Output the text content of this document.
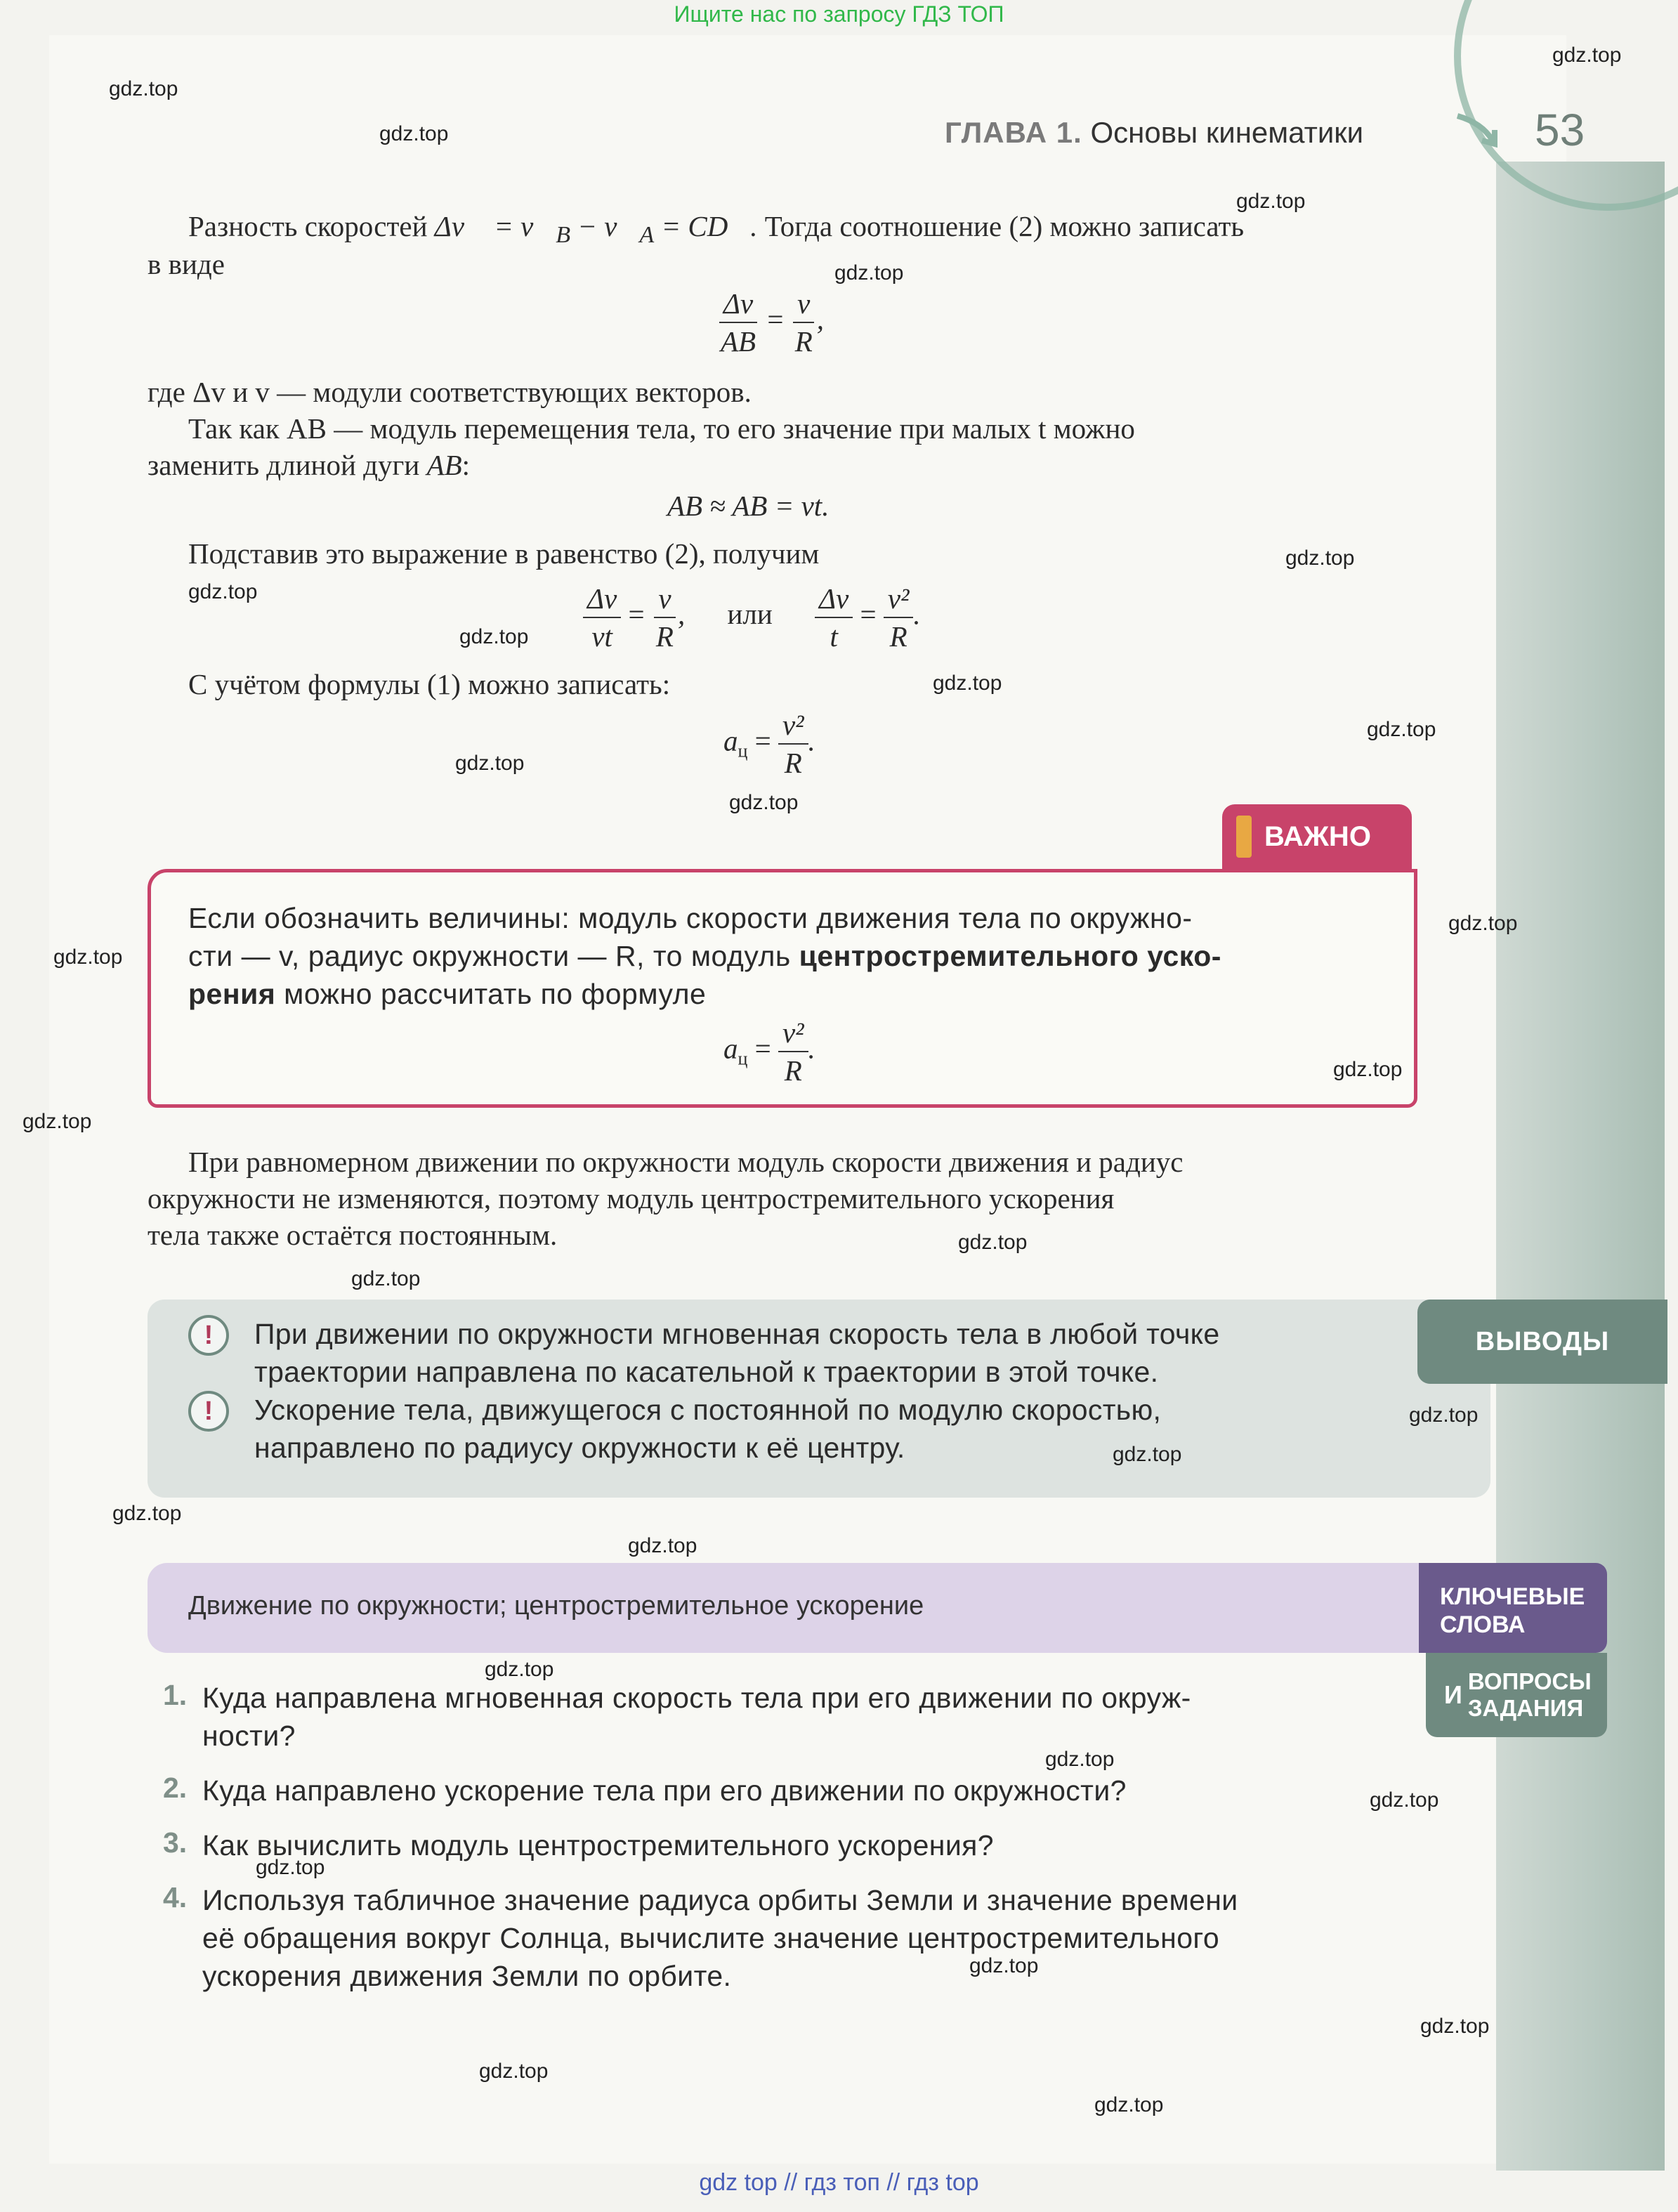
Ищите нас по запросу ГДЗ ТОП
ГЛАВА 1. Основы кинематики	53
Разность скоростей Δv⃗ = $v⃗_B$ − $v⃗_A$ = CD⃗. Тогда соотношение (2) можно записать
в виде
$\frac{\Delta v}{AB} = \frac{v}{R}$ ,
где Δv и v — модули соответствующих векторов.
Так как AB — модуль перемещения тела, то его значение при малых t можно
заменить длиной дуги AB:
AB ≈ AB = vt.
Подставив это выражение в равенство (2), получим
$\frac{\Delta v}{vt} = \frac{v}{R}$ , или $\frac{\Delta v}{t} = \frac{\text{v²}}{R}$ .
С учётом формулы (1) можно записать:
$a_ц = \frac{\text{v²}}{R}$ .
ВАЖНО
Если обозначить величины: модуль скорости движения тела по окружно-
сти — v, радиус окружности — R, то модуль центростремительного уско-
рения можно рассчитать по формуле
$a_ц = \frac{\text{v²}}{R}$ .
При равномерном движении по окружности модуль скорости движения и радиус
окружности не изменяются, поэтому модуль центростремительного ускорения
тела также остаётся постоянным.
ВЫВОДЫ
!	При движении по окружности мгновенная скорость тела в любой точке
траектории направлена по касательной к траектории в этой точке.
!	Ускорение тела, движущегося с постоянной по модулю скоростью,
направлено по радиусу окружности к её центру.
Движение по окружности; центростремительное ускорение	КЛЮЧЕВЫЕ
СЛОВА
И ВОПРОСЫ
ЗАДАНИЯ
1. Куда направлена мгновенная скорость тела при его движении по окруж-
ности?
2. Куда направлено ускорение тела при его движении по окружности?
3. Как вычислить модуль центростремительного ускорения?
4. Используя табличное значение радиуса орбиты Земли и значение времени
её обращения вокруг Солнца, вычислите значение центростремительного
ускорения движения Земли по орбите.
gdz.top
gdz.top
gdz.top
gdz.top
gdz.top
gdz.top
gdz.top
gdz.top
gdz.top
gdz.top
gdz.top
gdz.top
gdz.top
gdz.top
gdz.top
gdz.top
gdz.top
gdz.top
gdz.top
gdz.top
gdz.top
gdz.top
gdz.top
gdz.top
gdz.top
gdz.top
gdz.top
gdz.top
gdz.top
gdz.top
gdz top // гдз топ // гдз top
